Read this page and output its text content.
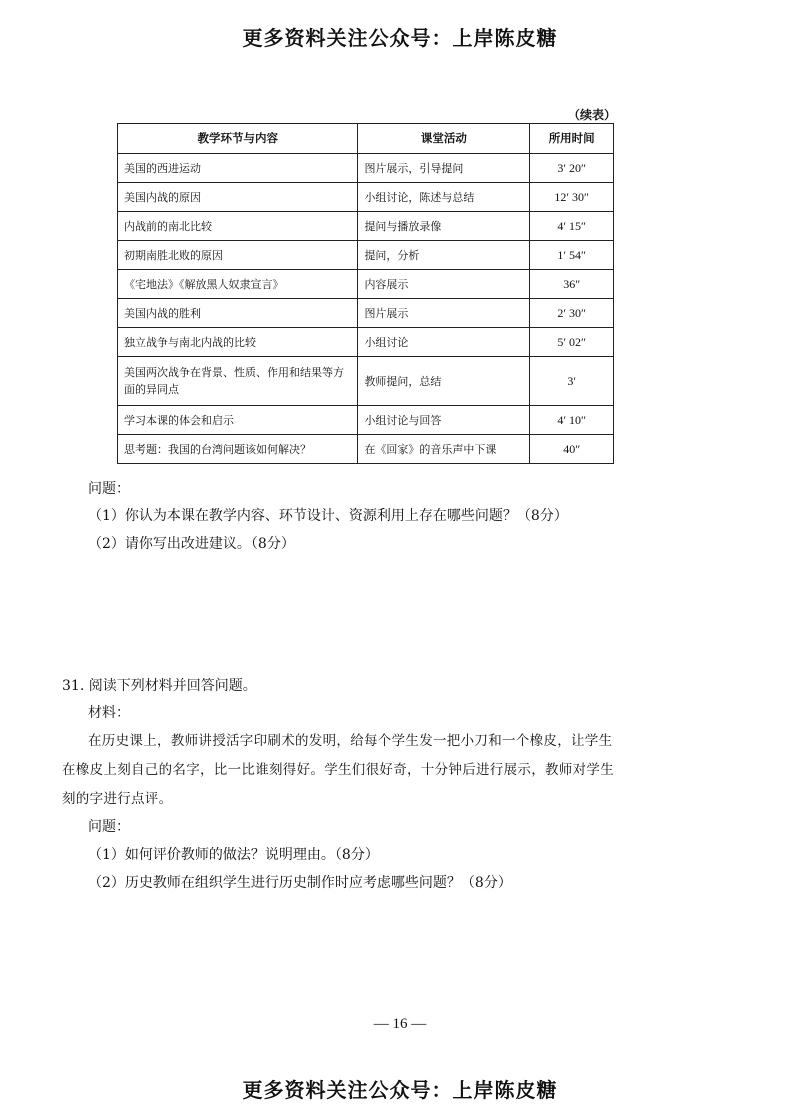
更多资料关注公众号：上岸陈皮糖
（续表）
教学环节与内容	课堂活动	所用时间
美国的西进运动	图片展示，引导提问	3′ 20″
美国内战的原因	小组讨论，陈述与总结	12′ 30″
内战前的南北比较	提问与播放录像	4′ 15″
初期南胜北败的原因	提问，分析	1′ 54″
《宅地法》《解放黑人奴隶宣言》	内容展示	36″
美国内战的胜利	图片展示	2′ 30″
独立战争与南北内战的比较	小组讨论	5′ 02″
美国两次战争在背景、性质、作用和结果等方面的异同点	教师提问，总结	3′
学习本课的体会和启示	小组讨论与回答	4′ 10″
思考题：我国的台湾问题该如何解决？	在《回家》的音乐声中下课	40″
问题：
（1）你认为本课在教学内容、环节设计、资源利用上存在哪些问题？（8分）
（2）请你写出改进建议。（8分）
31. 阅读下列材料并回答问题。
材料：
在历史课上，教师讲授活字印刷术的发明，给每个学生发一把小刀和一个橡皮，让学生
在橡皮上刻自己的名字，比一比谁刻得好。学生们很好奇，十分钟后进行展示，教师对学生
刻的字进行点评。
问题：
（1）如何评价教师的做法？说明理由。（8分）
（2）历史教师在组织学生进行历史制作时应考虑哪些问题？（8分）
— 16 —
更多资料关注公众号：上岸陈皮糖
